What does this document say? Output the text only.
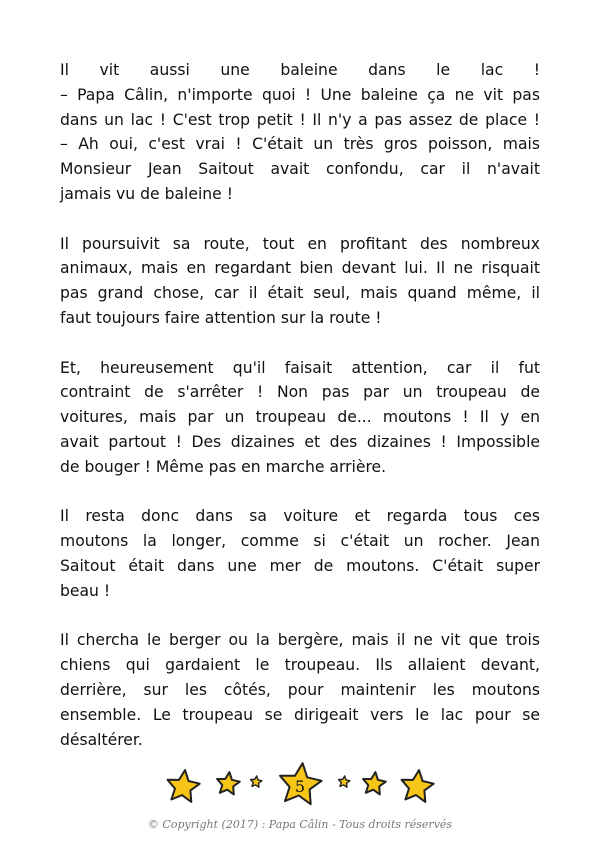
Il vit aussi une baleine dans le lac !
– Papa Câlin, n'importe quoi ! Une baleine ça ne vit pas
dans un lac ! C'est trop petit ! Il n'y a pas assez de place !
– Ah oui, c'est vrai ! C'était un très gros poisson, mais
Monsieur Jean Saitout avait confondu, car il n'avait
jamais vu de baleine !
Il poursuivit sa route, tout en profitant des nombreux
animaux, mais en regardant bien devant lui. Il ne risquait
pas grand chose, car il était seul, mais quand même, il
faut toujours faire attention sur la route !
Et, heureusement qu'il faisait attention, car il fut
contraint de s'arrêter ! Non pas par un troupeau de
voitures, mais par un troupeau de... moutons ! Il y en
avait partout ! Des dizaines et des dizaines ! Impossible
de bouger ! Même pas en marche arrière.
Il resta donc dans sa voiture et regarda tous ces
moutons la longer, comme si c'était un rocher. Jean
Saitout était dans une mer de moutons. C'était super
beau !
Il chercha le berger ou la bergère, mais il ne vit que trois
chiens qui gardaient le troupeau. Ils allaient devant,
derrière, sur les côtés, pour maintenir les moutons
ensemble. Le troupeau se dirigeait vers le lac pour se
désaltérer.
5
© Copyright (2017) : Papa Câlin - Tous droits réservés
